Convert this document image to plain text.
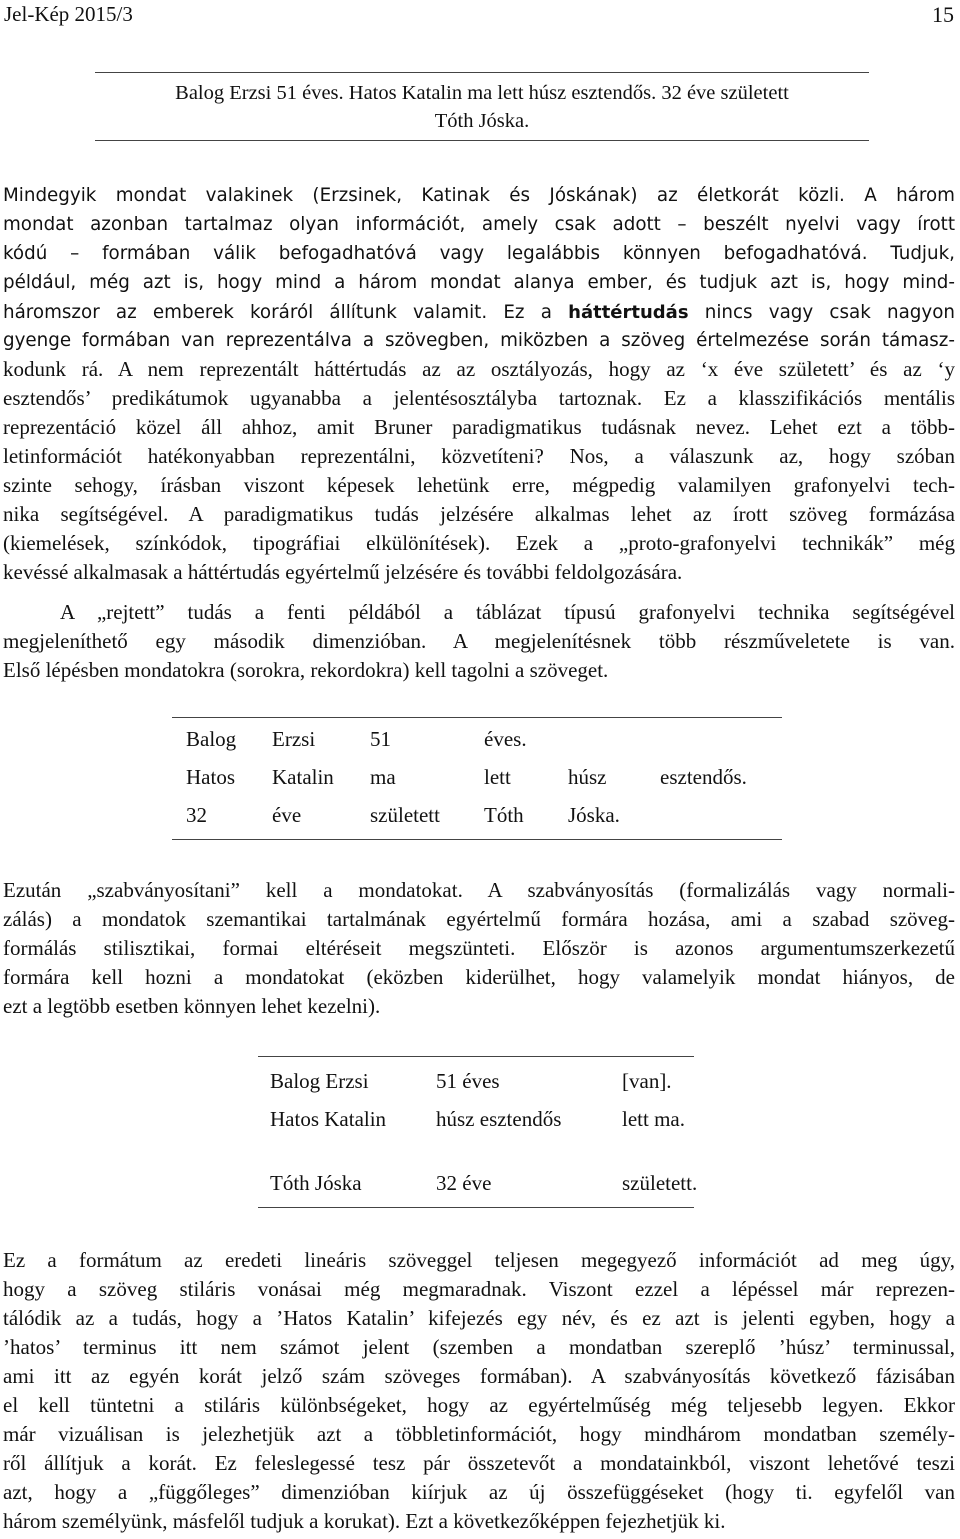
Jel-Kép 2015/3	15
Balog Erzsi 51 éves. Hatos Katalin ma lett húsz esztendős. 32 éve született
Tóth Jóska.
Mindegyik mondat valakinek (Erzsinek, Katinak és Jóskának) az életkorát közli. A három
mondat azonban tartalmaz olyan információt, amely csak adott – beszélt nyelvi vagy írott
kódú – formában válik befogadhatóvá vagy legalábbis könnyen befogadhatóvá. Tudjuk,
például, még azt is, hogy mind a három mondat alanya ember, és tudjuk azt is, hogy mind-
háromszor az emberek koráról állítunk valamit. Ez a háttértudás nincs vagy csak nagyon
gyenge formában van reprezentálva a szövegben, miközben a szöveg értelmezése során támasz-
kodunk rá. A nem reprezentált háttértudás az az osztályozás, hogy az ‘x éve született’ és az ‘y
esztendős’ predikátumok ugyanabba a jelentésosztályba tartoznak. Ez a klasszifikációs mentális
reprezentáció közel áll ahhoz, amit Bruner paradigmatikus tudásnak nevez. Lehet ezt a több-
letinformációt hatékonyabban reprezentálni, közvetíteni? Nos, a válaszunk az, hogy szóban
szinte sehogy, írásban viszont képesek lehetünk erre, mégpedig valamilyen grafonyelvi tech-
nika segítségével. A paradigmatikus tudás jelzésére alkalmas lehet az írott szöveg formázása
(kiemelések, színkódok, tipográfiai elkülönítések). Ezek a „proto-grafonyelvi technikák” még
kevéssé alkalmasak a háttértudás egyértelmű jelzésére és további feldolgozására.
A „rejtett” tudás a fenti példából a táblázat típusú grafonyelvi technika segítségével
megjeleníthető egy második dimenzióban. A megjelenítésnek több részműveletete is van.
Első lépésben mondatokra (sorokra, rekordokra) kell tagolni a szöveget.
Balog	Erzsi	51	éves.		
Hatos	Katalin	ma	lett	húsz	esztendős.
32	éve	született	Tóth	Jóska.	
Ezután „szabványosítani” kell a mondatokat. A szabványosítás (formalizálás vagy normali-
zálás) a mondatok szemantikai tartalmának egyértelmű formára hozása, ami a szabad szöveg-
formálás stilisztikai, formai eltéréseit megszünteti. Először is azonos argumentumszerkezetű
formára kell hozni a mondatokat (eközben kiderülhet, hogy valamelyik mondat hiányos, de
ezt a legtöbb esetben könnyen lehet kezelni).
Balog Erzsi	51 éves	[van].
Hatos Katalin	húsz esztendős	lett ma.
Tóth Jóska	32 éve	született.
Ez a formátum az eredeti lineáris szöveggel teljesen megegyező információt ad meg úgy,
hogy a szöveg stiláris vonásai még megmaradnak. Viszont ezzel a lépéssel már reprezen-
tálódik az a tudás, hogy a ’Hatos Katalin’ kifejezés egy név, és ez azt is jelenti egyben, hogy a
’hatos’ terminus itt nem számot jelent (szemben a mondatban szereplő ’húsz’ terminussal,
ami itt az egyén korát jelző szám szöveges formában). A szabványosítás következő fázisában
el kell tüntetni a stiláris különbségeket, hogy az egyértelműség még teljesebb legyen. Ekkor
már vizuálisan is jelezhetjük azt a többletinformációt, hogy mindhárom mondatban személy-
ről állítjuk a korát. Ez feleslegessé tesz pár összetevőt a mondatainkból, viszont lehetővé teszi
azt, hogy a „függőleges” dimenzióban kiírjuk az új összefüggéseket (hogy ti. egyfelől van
három személyünk, másfelől tudjuk a korukat). Ezt a következőképpen fejezhetjük ki.
